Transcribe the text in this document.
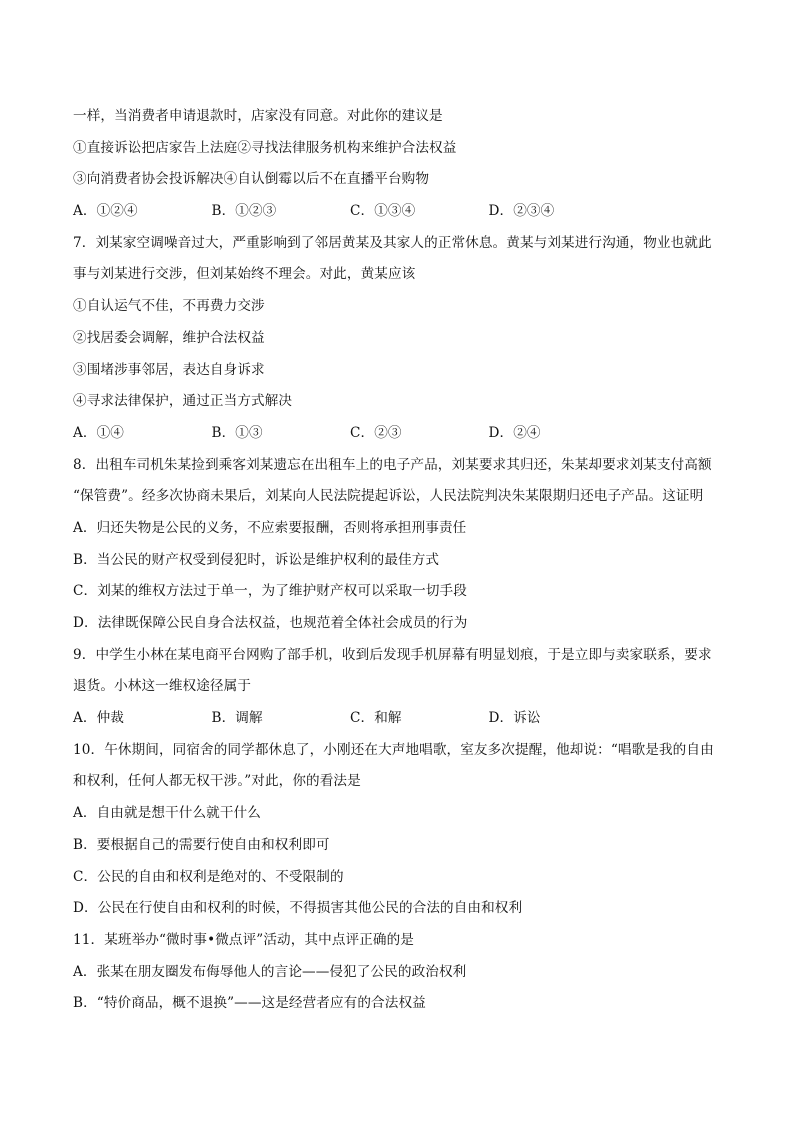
一样，当消费者申请退款时，店家没有同意。对此你的建议是
①直接诉讼把店家告上法庭②寻找法律服务机构来维护合法权益
③向消费者协会投诉解决④自认倒霉以后不在直播平台购物
A．①②④	B．①②③	C．①③④	D．②③④
7．刘某家空调噪音过大，严重影响到了邻居黄某及其家人的正常休息。黄某与刘某进行沟通，物业也就此
事与刘某进行交涉，但刘某始终不理会。对此，黄某应该
①自认运气不佳，不再费力交涉
②找居委会调解，维护合法权益
③围堵涉事邻居，表达自身诉求
④寻求法律保护，通过正当方式解决
A．①④	B．①③	C．②③	D．②④
8．出租车司机朱某捡到乘客刘某遗忘在出租车上的电子产品，刘某要求其归还，朱某却要求刘某支付高额
“保管费”。经多次协商未果后，刘某向人民法院提起诉讼，人民法院判决朱某限期归还电子产品。这证明
A．归还失物是公民的义务，不应索要报酬，否则将承担刑事责任
B．当公民的财产权受到侵犯时，诉讼是维护权利的最佳方式
C．刘某的维权方法过于单一，为了维护财产权可以采取一切手段
D．法律既保障公民自身合法权益，也规范着全体社会成员的行为
9．中学生小林在某电商平台网购了部手机，收到后发现手机屏幕有明显划痕，于是立即与卖家联系，要求
退货。小林这一维权途径属于
A．仲裁	B．调解	C．和解	D．诉讼
10．午休期间，同宿舍的同学都休息了，小刚还在大声地唱歌，室友多次提醒，他却说：“唱歌是我的自由
和权利，任何人都无权干涉。”对此，你的看法是
A．自由就是想干什么就干什么
B．要根据自己的需要行使自由和权利即可
C．公民的自由和权利是绝对的、不受限制的
D．公民在行使自由和权利的时候，不得损害其他公民的合法的自由和权利
11．某班举办“微时事•微点评”活动，其中点评正确的是
A．张某在朋友圈发布侮辱他人的言论——侵犯了公民的政治权利
B．“特价商品，概不退换”——这是经营者应有的合法权益
